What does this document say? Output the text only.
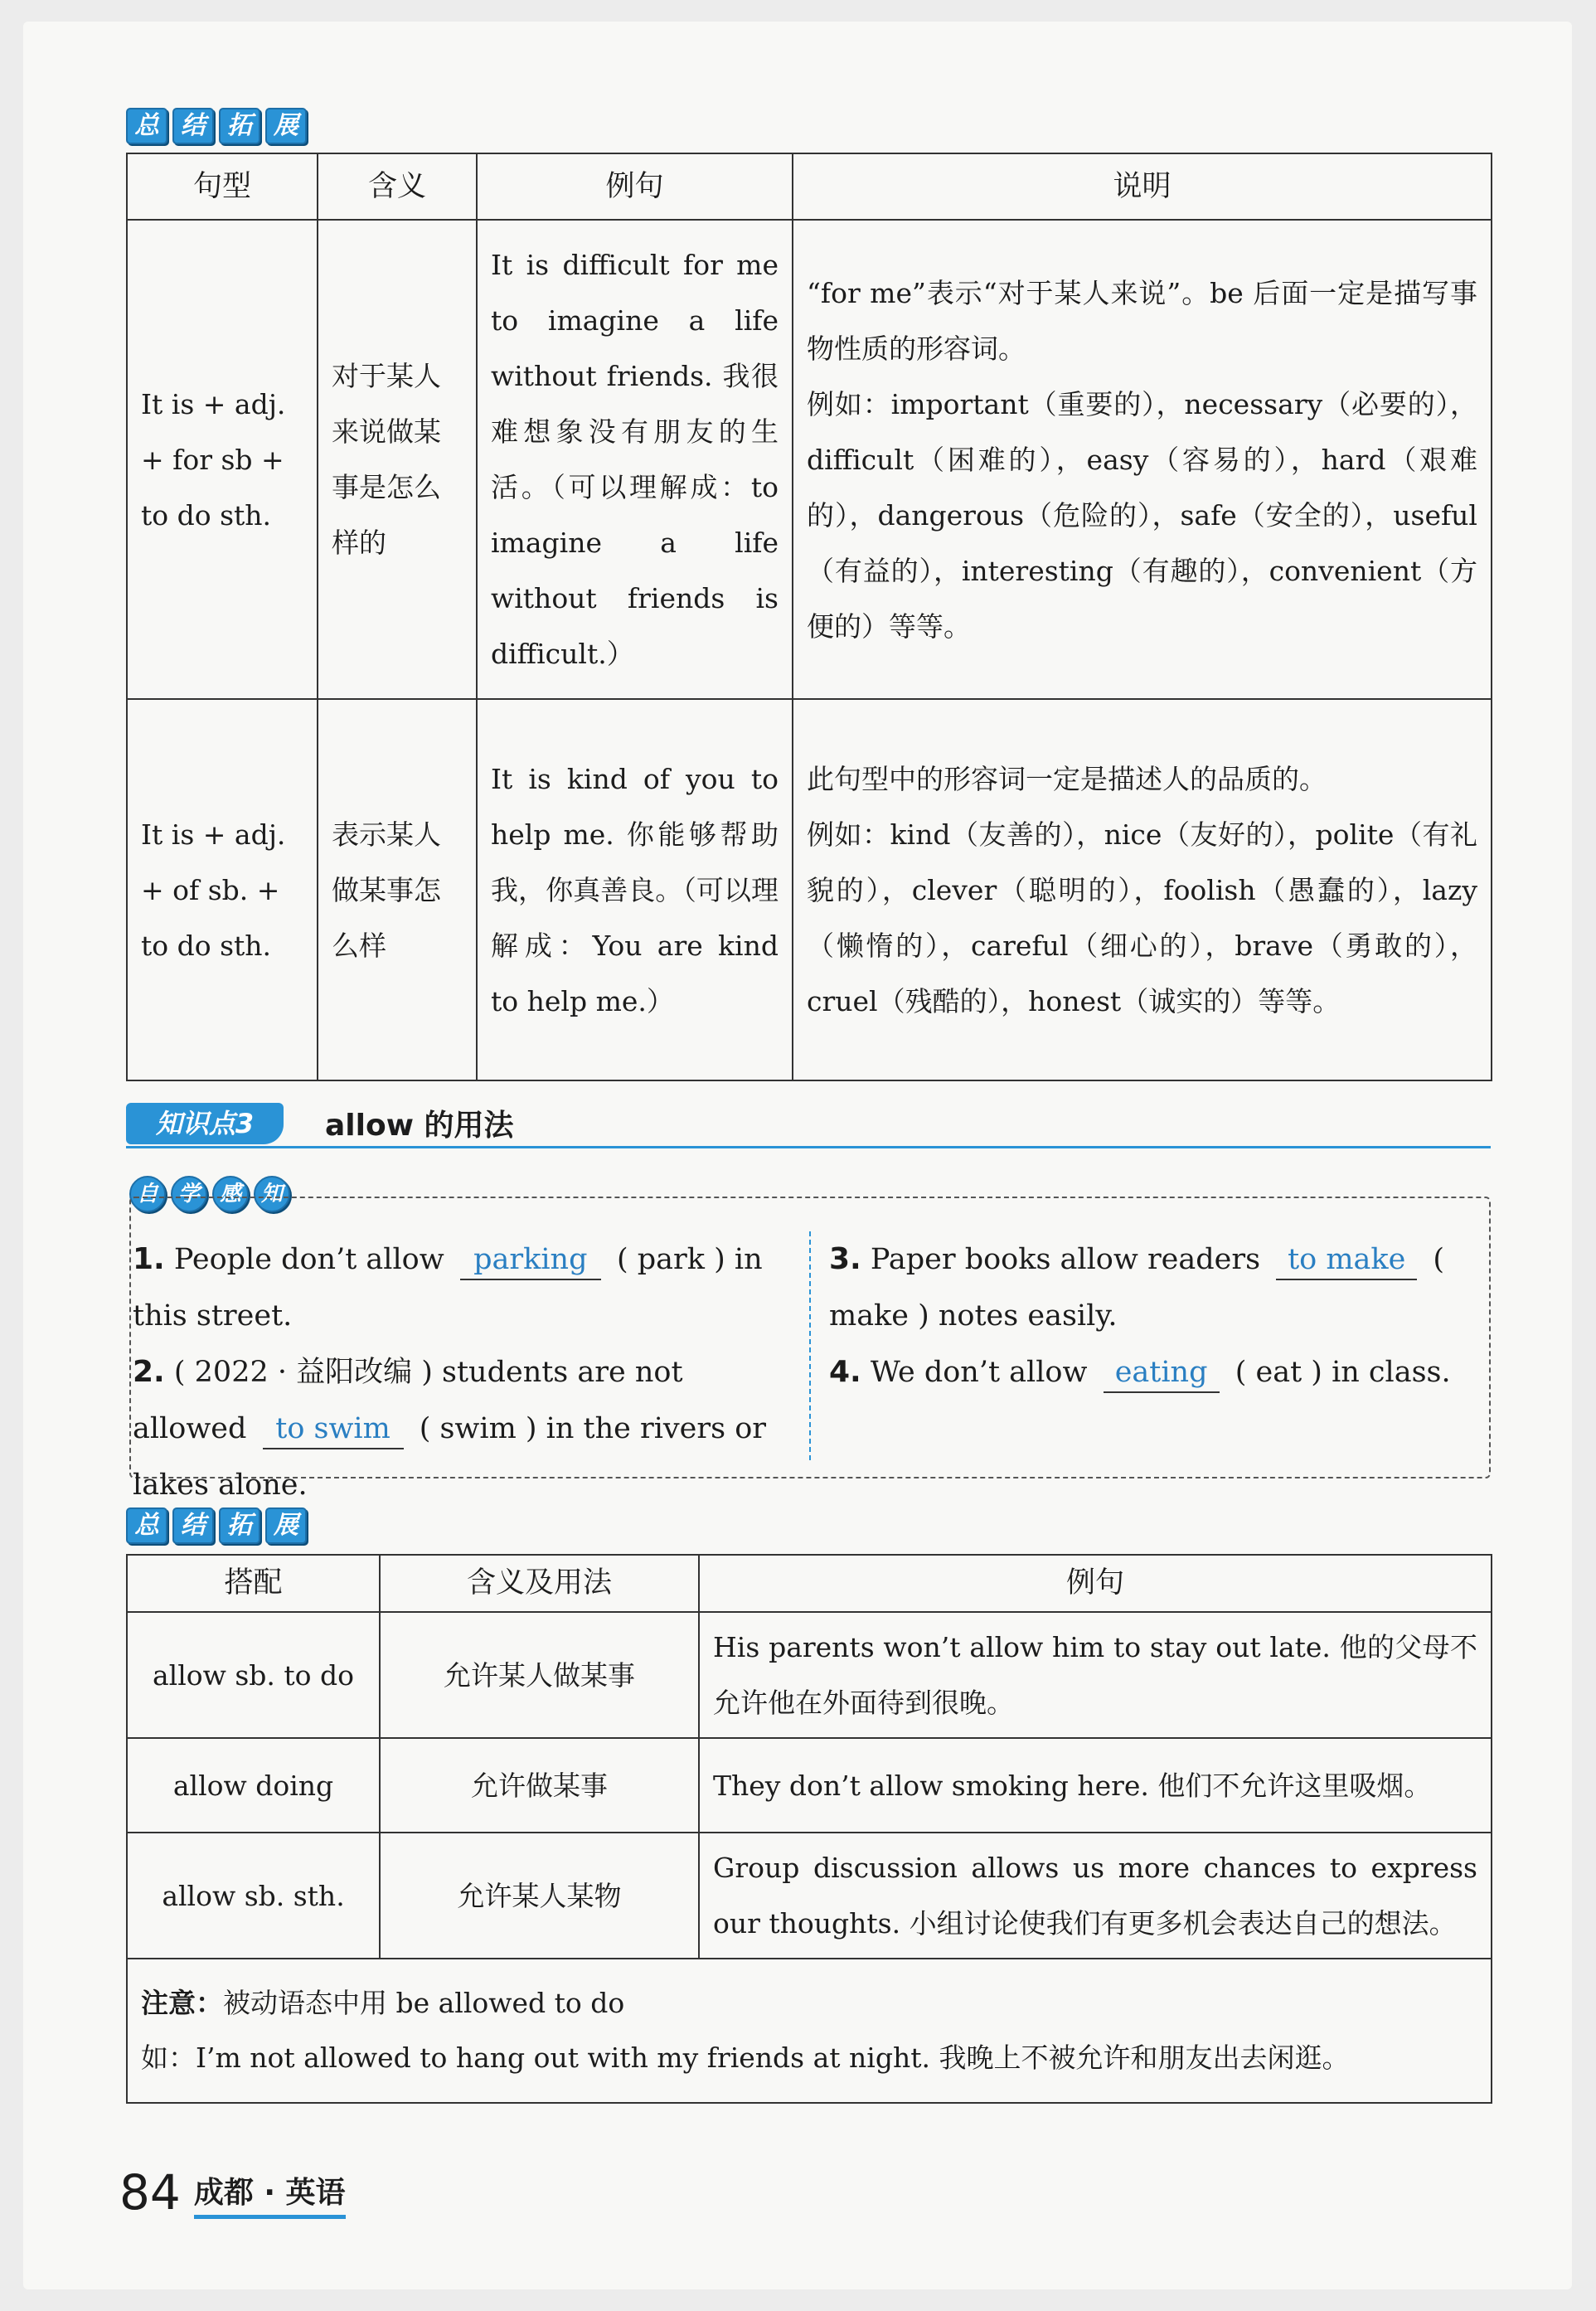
总 结 拓 展
句型	含义	例句	说明
It is + adj. + for sb + to do sth.	对于某人来说做某事是怎么样的	It is difficult for me to imagine a life without friends. 我很难想象没有朋友的生活。（可以理解成：to imagine a life without friends is difficult.）	“for me”表示“对于某人来说”。be 后面一定是描写事物性质的形容词。
例如：important（重要的），necessary（必要的），difficult（困难的），easy（容易的），hard（艰难的），dangerous（危险的），safe（安全的），useful（有益的），interesting（有趣的），convenient（方便的）等等。

It is + adj. + of sb. + to do sth.	表示某人做某事怎么样	It is kind of you to help me. 你能够帮助我，你真善良。（可以理解成：You are kind to help me.）	此句型中的形容词一定是描述人的品质的。
例如：kind（友善的），nice（友好的），polite（有礼貌的），clever（聪明的），foolish（愚蠢的），lazy（懒惰的），careful（细心的），brave（勇敢的），cruel（残酷的），honest（诚实的）等等。
知识点3	allow 的用法
自 学 感 知
1. People don’t allow parking ( park ) in this street.
2. ( 2022 · 益阳改编 ) students are not allowed to swim ( swim ) in the rivers or lakes alone.
3. Paper books allow readers to make ( make ) notes easily.
4. We don’t allow eating ( eat ) in class.
总 结 拓 展
搭配	含义及用法	例句
allow sb. to do	允许某人做某事	His parents won’t allow him to stay out late. 他的父母不允许他在外面待到很晚。
allow doing	允许做某事	They don’t allow smoking here. 他们不允许这里吸烟。
allow sb. sth.	允许某人某物	Group discussion allows us more chances to express our thoughts. 小组讨论使我们有更多机会表达自己的想法。

注意：被动语态中用 be allowed to do
如：I’m not allowed to hang out with my friends at night. 我晚上不被允许和朋友出去闲逛。		
84 成都 · 英语
